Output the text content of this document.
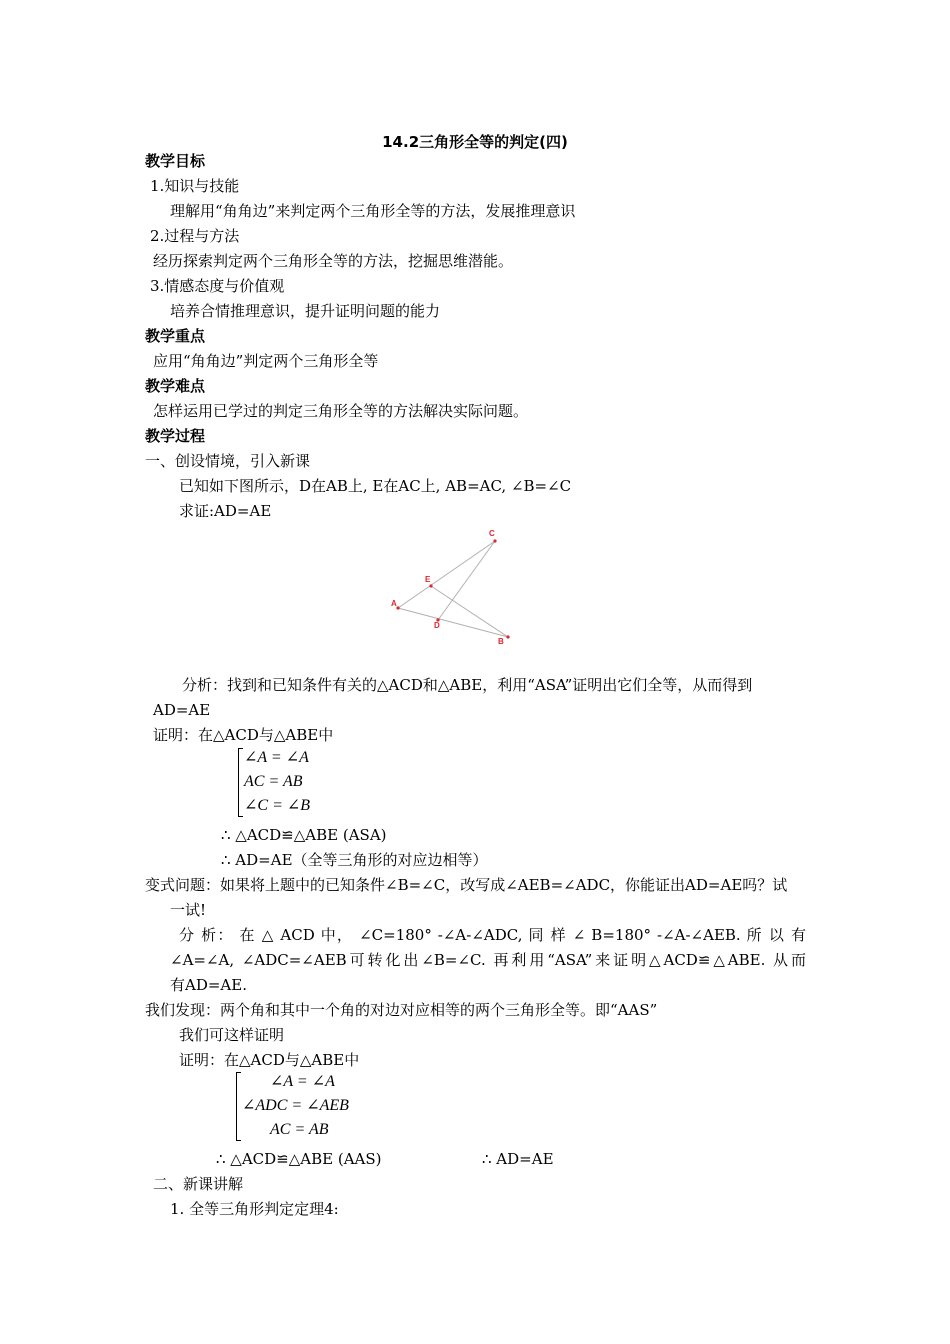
14.2三角形全等的判定(四)
教学目标
1.知识与技能
理解用“角角边”来判定两个三角形全等的方法，发展推理意识
2.过程与方法
经历探索判定两个三角形全等的方法，挖掘思维潜能。
3.情感态度与价值观
培养合情推理意识，提升证明问题的能力
教学重点
应用“角角边”判定两个三角形全等
教学难点
怎样运用已学过的判定三角形全等的方法解决实际问题。
教学过程
一、创设情境，引入新课
已知如下图所示，D在AB上, E在AC上, AB=AC, ∠B=∠C
求证:AD=AE
A
B
C
D
E
分析：找到和已知条件有关的△ACD和△ABE，利用“ASA”证明出它们全等，从而得到
AD=AE
证明：在△ACD与△ABE中
∠A = ∠A
AC = AB
∠C = ∠B
∴ △ACD≌△ABE (ASA)
∴ AD=AE（全等三角形的对应边相等）
变式问题：如果将上题中的已知条件∠B=∠C，改写成∠AEB=∠ADC，你能证出AD=AE吗？试
一试!
分 析： 在 △ ACD 中， ∠C=180° -∠A-∠ADC, 同 样 ∠ B=180° -∠A-∠AEB. 所 以 有
∠A=∠A, ∠ADC=∠AEB可转化出∠B=∠C. 再利用“ASA”来证明△ACD≌△ABE. 从而
有AD=AE.
我们发现：两个角和其中一个角的对边对应相等的两个三角形全等。即“AAS”
我们可这样证明
证明：在△ACD与△ABE中
∠A = ∠A
∠ADC = ∠AEB
AC = AB
∴ △ACD≌△ABE (AAS)	∴ AD=AE
二、新课讲解
1. 全等三角形判定定理4:
